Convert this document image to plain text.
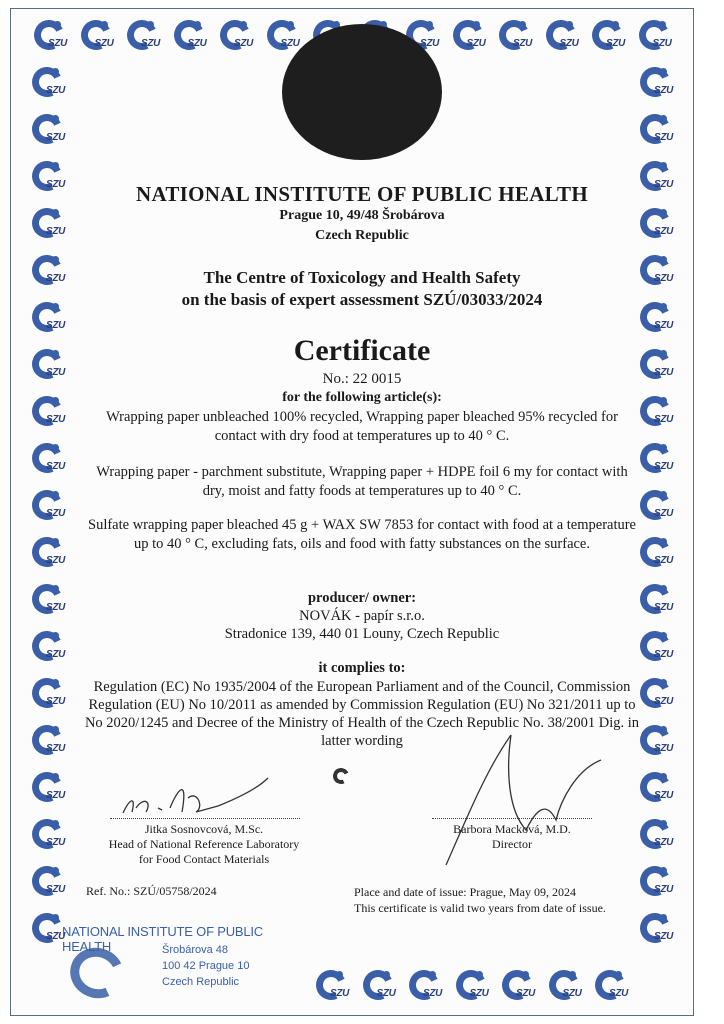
SZU	SZU	SZU	SZU	SZU	SZU	SZU	SZU	SZU	SZU	SZU	SZU
SZU	SZU
SZU	SZU
SZU	SZU
SZU	SZU
SZU	SZU
SZU	SZU
SZU	SZU
SZU	SZU
SZU	SZU
SZU	SZU
SZU	SZU
SZU	SZU
SZU	SZU
SZU	SZU
SZU	SZU
SZU	SZU
SZU	SZU
SZU	SZU
SZU	SZU
SZU	SZU	SZU	SZU	SZU	SZU	SZU
NATIONAL INSTITUTE OF PUBLIC HEALTH
Prague 10, 49/48 Šrobárova
Czech Republic
The Centre of Toxicology and Health Safety
on the basis of expert assessment SZÚ/03033/2024
Certificate
No.: 22 0015
for the following article(s):
Wrapping paper unbleached 100% recycled, Wrapping paper bleached 95% recycled for contact with dry food at temperatures up to 40 ° C.
Wrapping paper - parchment substitute, Wrapping paper + HDPE foil 6 my for contact with dry, moist and fatty foods at temperatures up to 40 ° C.
Sulfate wrapping paper bleached 45 g + WAX SW 7853 for contact with food at a temperature up to 40 ° C, excluding fats, oils and food with fatty substances on the surface.
producer/ owner:
NOVÁK - papír s.r.o.
Stradonice 139, 440 01 Louny, Czech Republic
it complies to:
Regulation (EC) No 1935/2004 of the European Parliament and of the Council, Commission Regulation (EU) No 10/2011 as amended by Commission Regulation (EU) No 321/2011 up to No 2020/1245 and Decree of the Ministry of Health of the Czech Republic No. 38/2001 Dig. in latter wording
Jitka Sosnovcová, M.Sc.
Head of National Reference Laboratory
for Food Contact Materials
Barbora Macková, M.D.
Director
Ref. No.: SZÚ/05758/2024	Place and date of issue: Prague, May 09, 2024
This certificate is valid two years from date of issue.
NATIONAL INSTITUTE OF PUBLIC HEALTH	Šrobárova 48
100 42 Prague 10
Czech Republic
